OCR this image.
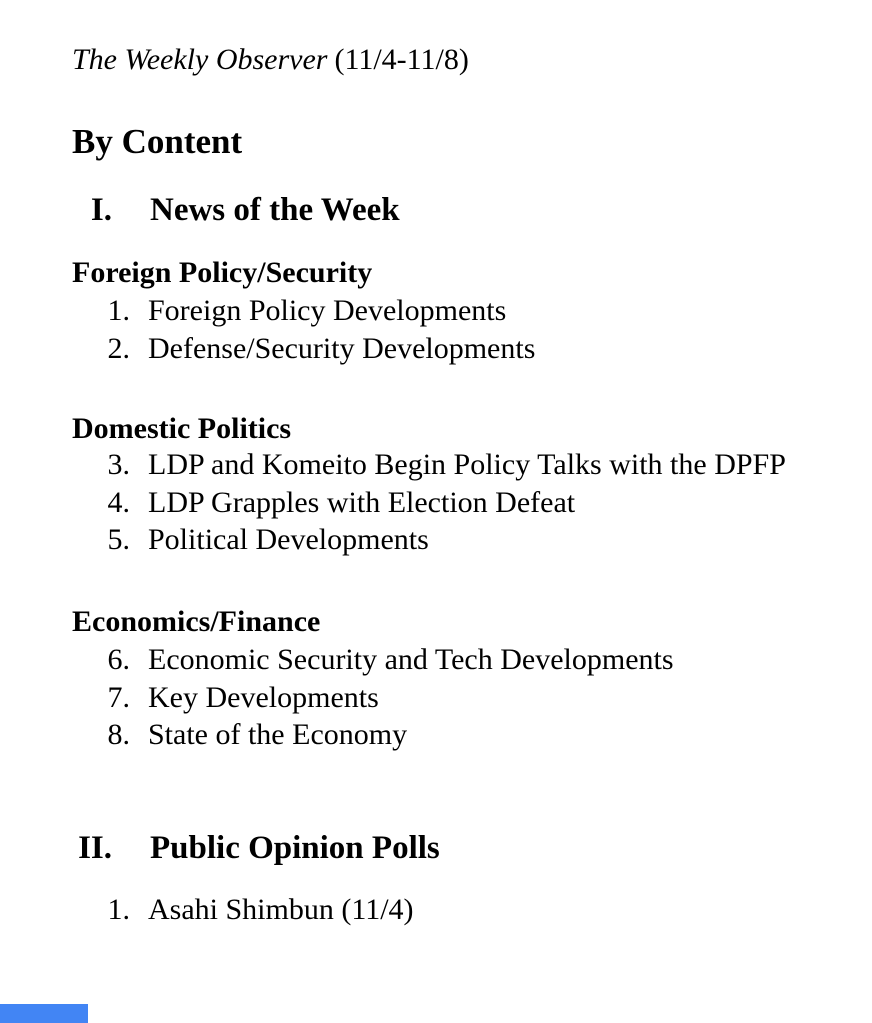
The Weekly Observer (11/4-11/8)
By Content
I. News of the Week
Foreign Policy/Security
1. Foreign Policy Developments
2. Defense/Security Developments
Domestic Politics
3. LDP and Komeito Begin Policy Talks with the DPFP
4. LDP Grapples with Election Defeat
5. Political Developments
Economics/Finance
6. Economic Security and Tech Developments
7. Key Developments
8. State of the Economy
II. Public Opinion Polls
1. Asahi Shimbun (11/4)
